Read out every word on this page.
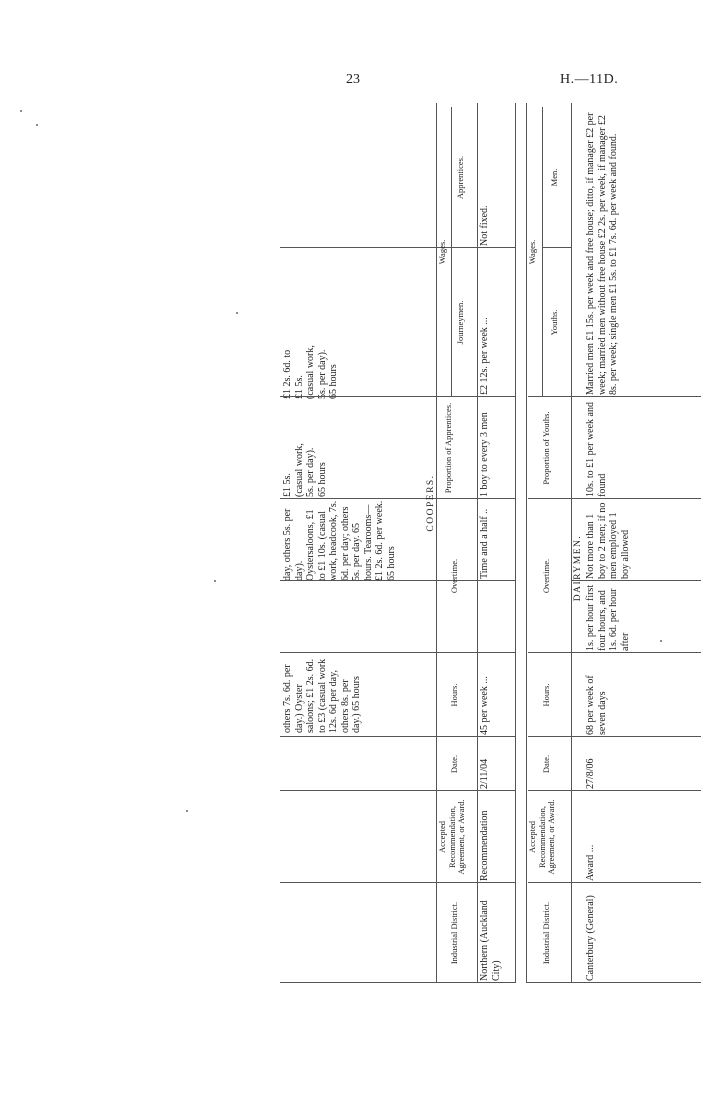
23	H.—11D.
others 7s. 6d. per day.) Oyster saloons; £1 2s. 6d. to £3 (casual work 12s. 6d per day, others 8s. per day.) 65 hours
day, others 5s. per day). Oystersaloons, £1 to £1 10s. (casual work, headcook, 7s. 6d. per day; others 5s. per day. 65 hours. Tearooms— £1 2s. 6d. per week. 65 hours
£1 5s. (casual work, 5s. per day). 65 hours
£1 2s. 6d. to £1 5s. (casual work, 5s. per day). 65 hours
COOPERS.
Industrial District.
Accepted Recommendation, Agreement, or Award.
Date.
Hours.
Overtime.
Proportion of Apprentices.
Wages.
Journeymen.
Apprentices.
Northern (Auckland City)
Recommendation
2/11/04
45 per week ...
Time and a half ..
1 boy to every 3 men
£2 12s. per week ...
Not fixed.
Industrial District.
Accepted Recommendation, Agreement, or Award.
Date.
Hours.
Overtime.
Proportion of Youths.
Wages.
Youths.
Men.
DAIRYMEN.
Canterbury (General)
Award ...
27/8/06
68 per week of seven days
1s. per hour first four hours, and 1s. 6d. per hour after
Not more than 1 boy to 2 men; if no men employed 1 boy allowed
10s. to £1 per week and found
Married men £1 15s. per week and free house; ditto, if manager £2 per week; married men without free house £2 2s. per week, if manager £2 8s. per week; single men £1 5s. to £1 7s. 6d. per week and found.
